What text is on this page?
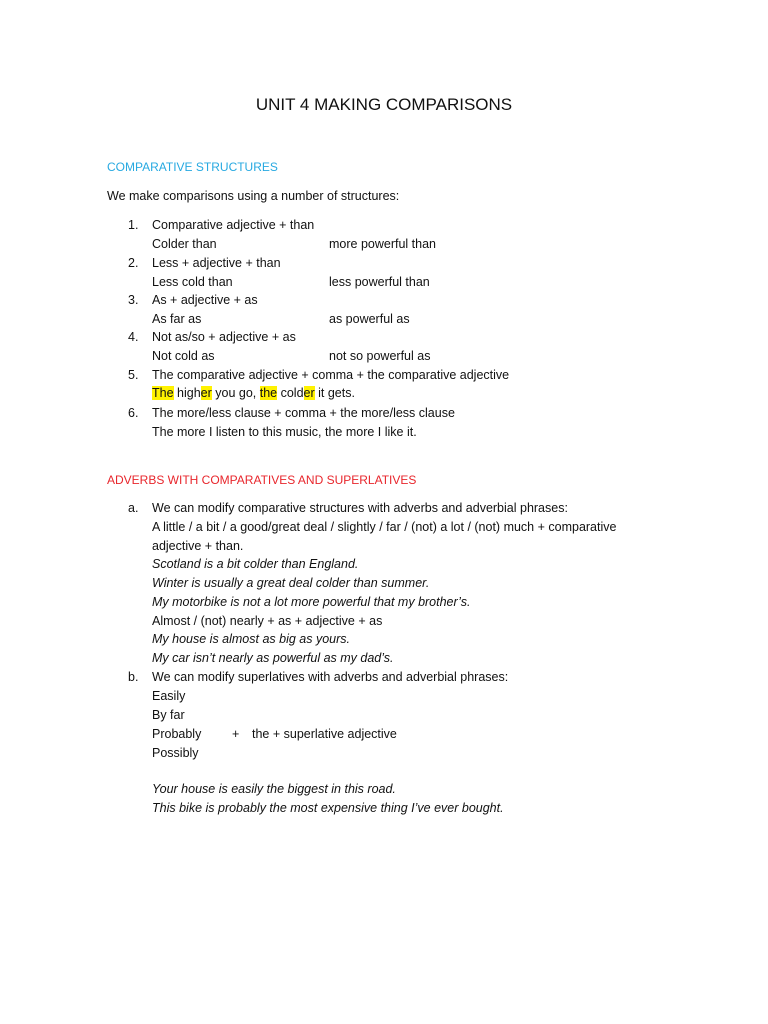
UNIT 4 MAKING COMPARISONS
COMPARATIVE STRUCTURES
We make comparisons using a number of structures:
1. Comparative adjective + than
Colder than	more powerful than
2. Less + adjective + than
Less cold than	less powerful than
3. As + adjective + as
As far as	as powerful as
4. Not as/so + adjective + as
Not cold as	not so powerful as
5. The comparative adjective + comma + the comparative adjective
The higher you go, the colder it gets.
6. The more/less clause + comma + the more/less clause
The more I listen to this music, the more I like it.
ADVERBS WITH COMPARATIVES AND SUPERLATIVES
a. We can modify comparative structures with adverbs and adverbial phrases:
A little / a bit / a good/great deal / slightly / far / (not) a lot / (not) much + comparative
adjective + than.
Scotland is a bit colder than England.
Winter is usually a great deal colder than summer.
My motorbike is not a lot more powerful that my brother’s.
Almost / (not) nearly + as + adjective + as
My house is almost as big as yours.
My car isn’t nearly as powerful as my dad’s.
b. We can modify superlatives with adverbs and adverbial phrases:
Easily
By far
Probably + the + superlative adjective
Possibly
Your house is easily the biggest in this road.
This bike is probably the most expensive thing I’ve ever bought.
